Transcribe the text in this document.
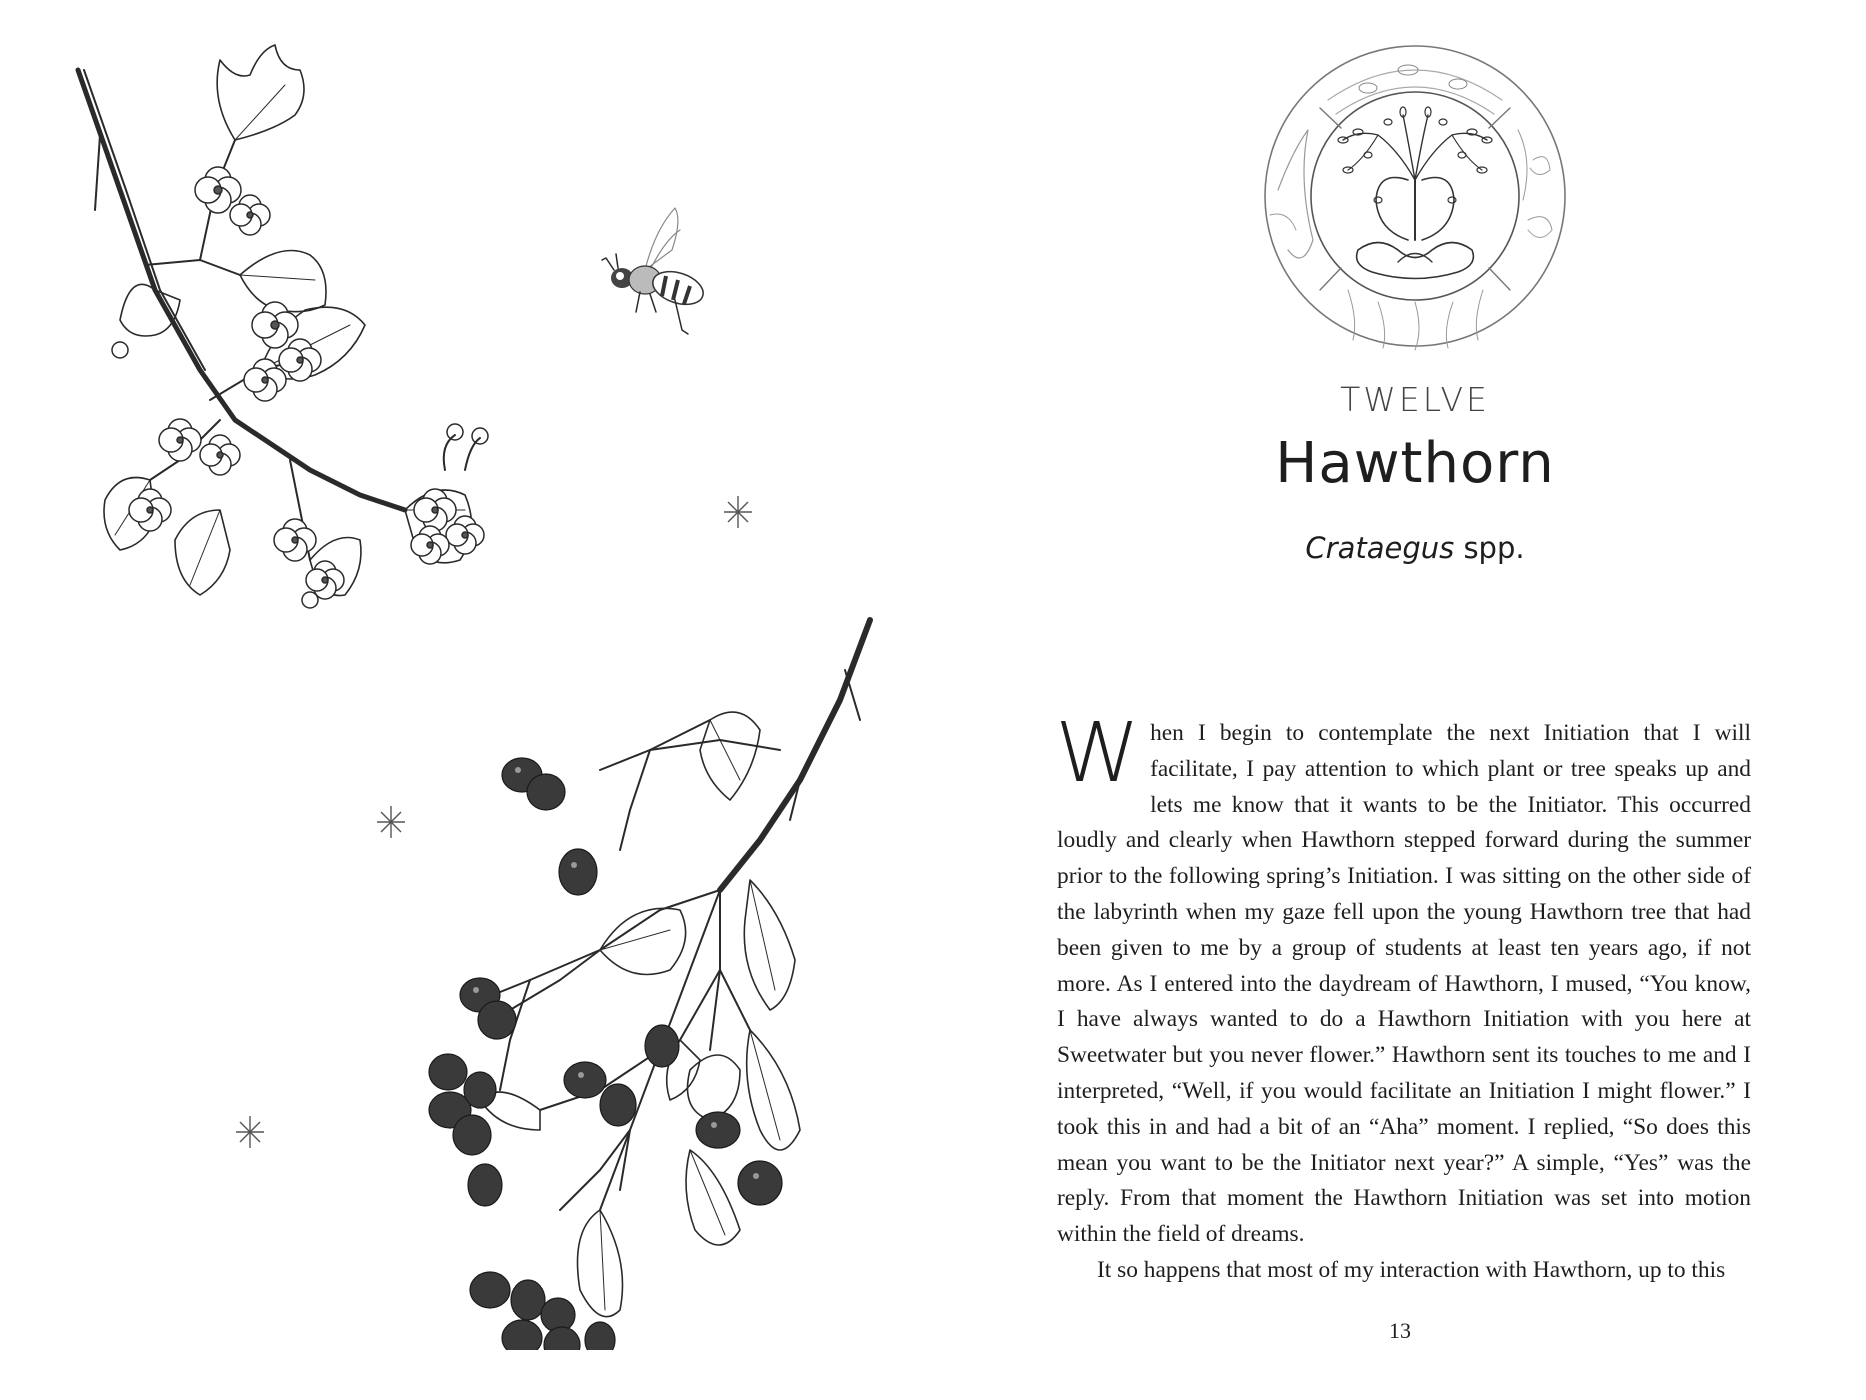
TWELVE
Hawthorn
Crataegus spp.

When I begin to contemplate the next Initiation that I will facilitate, I pay attention to which plant or tree speaks up and lets me know that it wants to be the Initiator. This occurred loudly and clearly when Hawthorn stepped forward during the summer prior to the following spring’s Initiation. I was sitting on the other side of the labyrinth when my gaze fell upon the young Hawthorn tree that had been given to me by a group of students at least ten years ago, if not more. As I entered into the daydream of Hawthorn, I mused, “You know, I have always wanted to do a Hawthorn Initiation with you here at Sweetwater but you never flower.” Hawthorn sent its touches to me and I interpreted, “Well, if you would facilitate an Initiation I might flower.” I took this in and had a bit of an “Aha” moment. I replied, “So does this mean you want to be the Initiator next year?” A simple, “Yes” was the reply. From that moment the Hawthorn Initiation was set into motion within the field of dreams.

It so happens that most of my interaction with Hawthorn, up to this

13
